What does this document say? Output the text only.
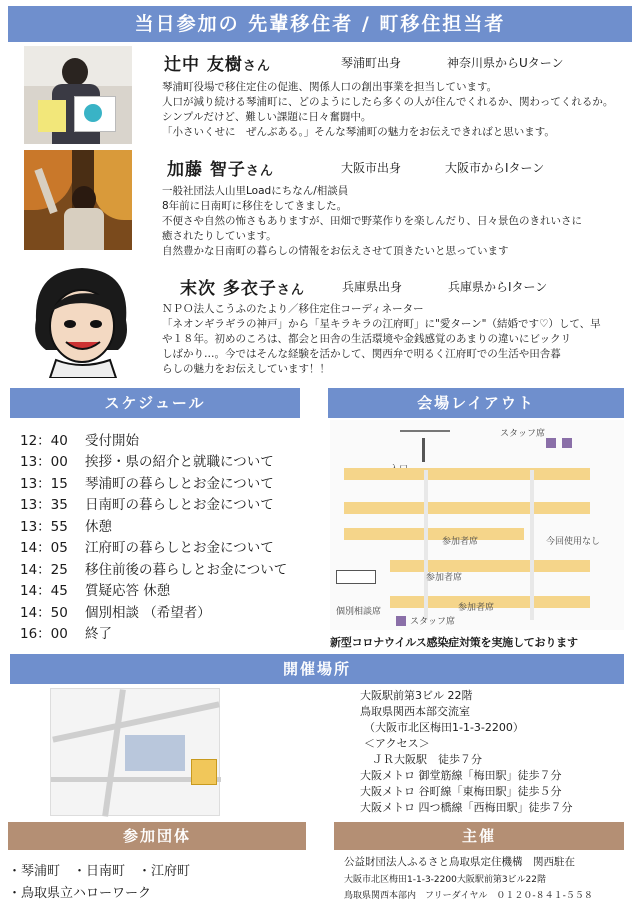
当日参加の 先輩移住者 / 町移住担当者
辻中 友樹さん	琴浦町出身	神奈川県からUターン
琴浦町役場で移住定住の促進、関係人口の創出事業を担当しています。
人口が減り続ける琴浦町に、どのようにしたら多くの人が住んでくれるか、関わってくれるか。
シンプルだけど、難しい課題に日々奮闘中。
「小さいくせに　ぜんぶある。」そんな琴浦町の魅力をお伝えできればと思います。
加藤 智子さん	大阪市出身	大阪市からIターン
一般社団法人山里Loadにちなん/相談員
8年前に日南町に移住をしてきました。
不便さや自然の怖さもありますが、田畑で野菜作りを楽しんだり、日々景色のきれいさに
癒されたりしています。
自然豊かな日南町の暮らしの情報をお伝えさせて頂きたいと思っています
末次 多衣子さん	兵庫県出身	兵庫県からIターン
ＮＰＯ法人こうふのたより／移住定住コーディネーター
「ネオンギラギラの神戸」から「星キラキラの江府町」に"愛ターン"（結婚です♡）して、早
や１８年。初めのころは、都会と田舎の生活環境や金銭感覚のあまりの違いにビックリ
しばかり…。今ではそんな経験を活かして、関西弁で明るく江府町での生活や田舎暮
らしの魅力をお伝えしています！！
スケジュール
12：40	受付開始
13：00	挨拶・県の紹介と就職について
13：15	琴浦町の暮らしとお金について
13：35	日南町の暮らしとお金について
13：55	休憩
14：05	江府町の暮らしとお金について
14：25	移住前後の暮らしとお金について
14：45	質疑応答 休憩
14：50	個別相談 （希望者）
16：00	終了
会場レイアウト
スタッフ席
参加者席
参加者席
参加者席
今回使用なし
個別相談席
スタッフ席
新型コロナウイルス感染症対策を実施しております
開催場所
大阪駅前第3ビル 22階
鳥取県関西本部交流室
（大阪市北区梅田1-1-3-2200）
＜アクセス＞
ＪＲ大阪駅　徒歩７分
大阪メトロ 御堂筋線「梅田駅」徒歩７分
大阪メトロ 谷町線「東梅田駅」徒歩５分
大阪メトロ 四つ橋線「西梅田駅」徒歩７分
参加団体
・琴浦町　・日南町　・江府町
・鳥取県立ハローワーク
主催
公益財団法人ふるさと鳥取県定住機構　関西駐在
大阪市北区梅田1-1-3-2200大阪駅前第3ビル22階
鳥取県関西本部内　フリーダイヤル　０１２０-８４１-５５８
